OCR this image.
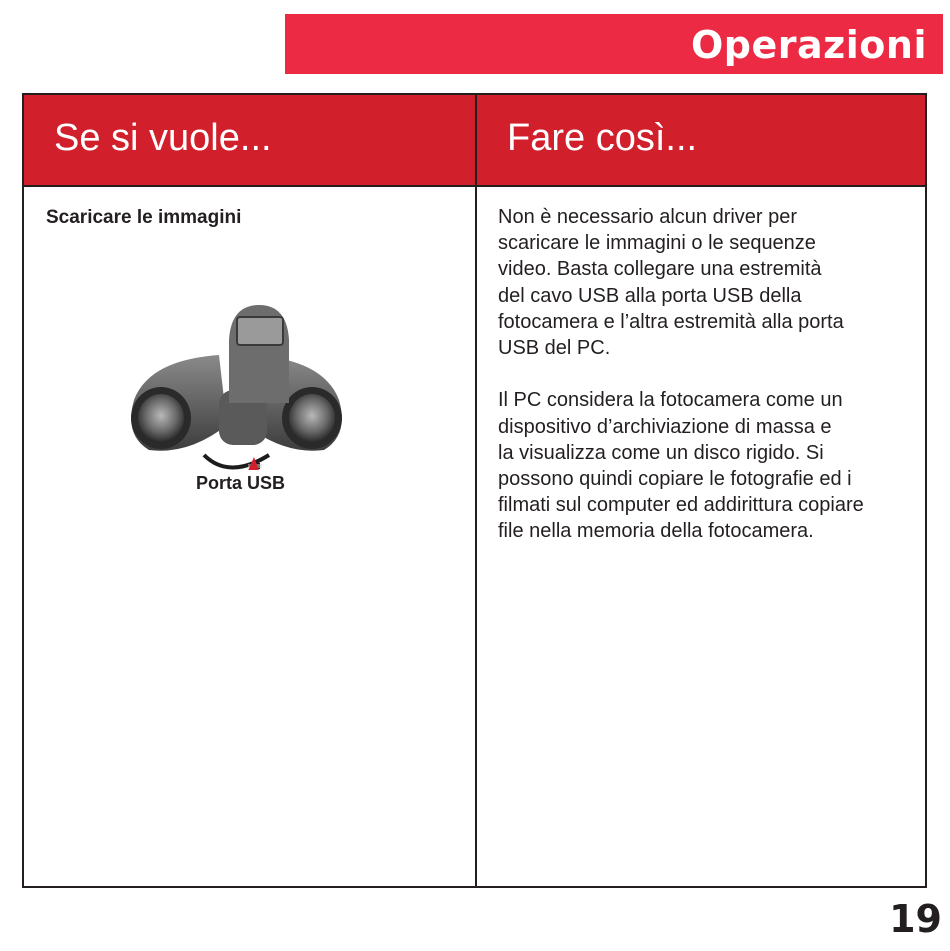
Operazioni
Se si vuole...	Fare così...
Scaricare le immagini
Porta USB
Non è necessario alcun driver per
scaricare le immagini o le sequenze
video. Basta collegare una estremità
del cavo USB alla porta USB della
fotocamera e l’altra estremità alla porta
USB del PC.

Il PC considera la fotocamera come un
dispositivo d’archiviazione di massa e
la visualizza come un disco rigido. Si
possono quindi copiare le fotografie ed i
filmati sul computer ed addirittura copiare
file nella memoria della fotocamera.
19
